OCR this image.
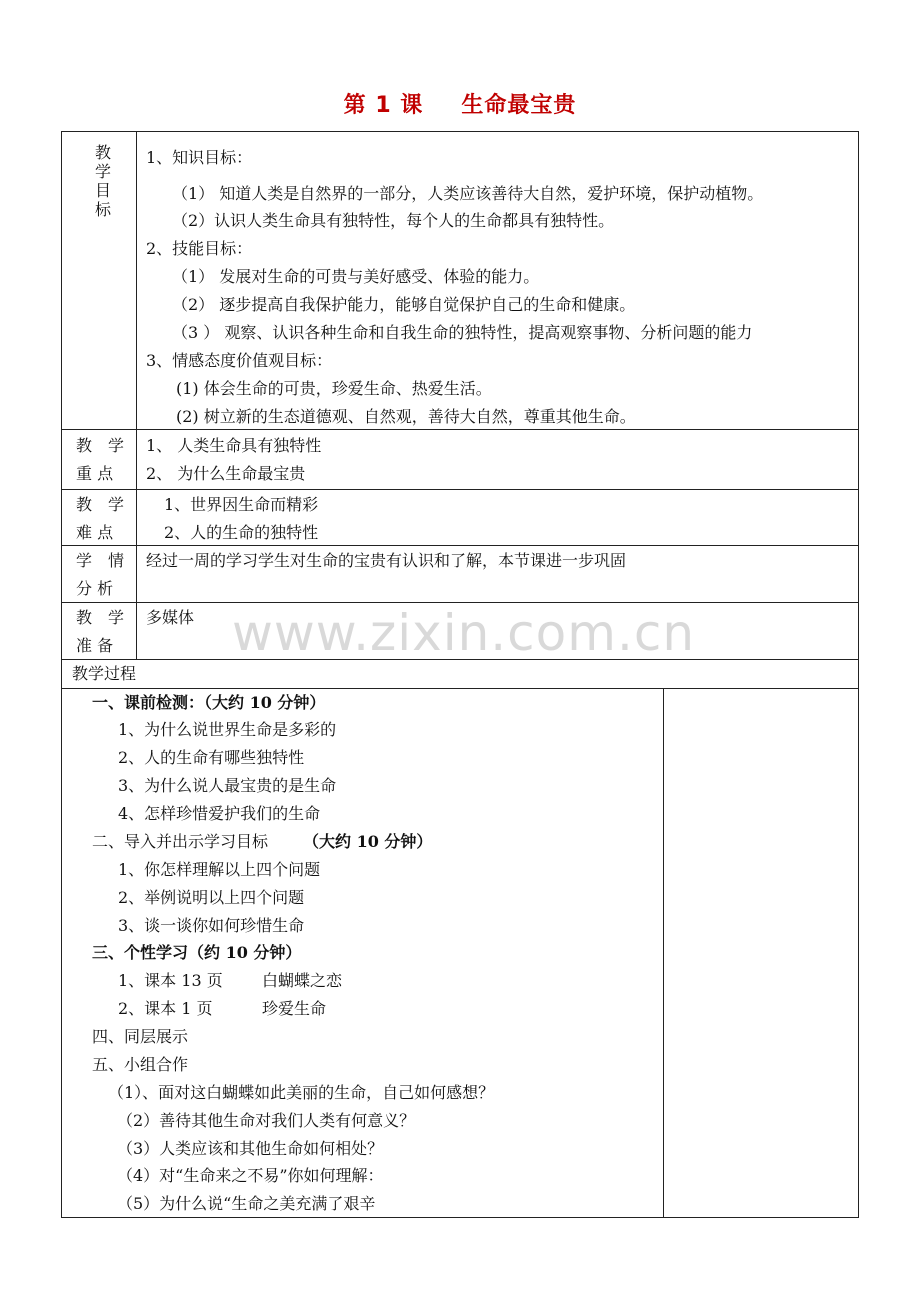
第 1 课 生命最宝贵
教
学
目
标
1、知识目标：
（1） 知道人类是自然界的一部分，人类应该善待大自然，爱护环境，保护动植物。
（2）认识人类生命具有独特性，每个人的生命都具有独特性。
2、技能目标：
（1） 发展对生命的可贵与美好感受、体验的能力。
（2） 逐步提高自我保护能力，能够自觉保护自己的生命和健康。
（3 ） 观察、认识各种生命和自我生命的独特性，提高观察事物、分析问题的能力
3、情感态度价值观目标：
(1) 体会生命的可贵，珍爱生命、热爱生活。
(2) 树立新的生态道德观、自然观，善待大自然，尊重其他生命。
教　学
重 点
1、 人类生命具有独特性
2、 为什么生命最宝贵
教　学
难 点
1、世界因生命而精彩
2、人的生命的独特性
学　情
分 析
经过一周的学习学生对生命的宝贵有认识和了解，本节课进一步巩固
教　学
准 备
多媒体 www.zixin.com.cn
教学过程
一、课前检测：（大约 10 分钟）
1、为什么说世界生命是多彩的
2、人的生命有哪些独特性
3、为什么说人最宝贵的是生命
4、怎样珍惜爱护我们的生命
二、导入并出示学习目标 （大约 10 分钟）
1、你怎样理解以上四个问题
2、举例说明以上四个问题
3、谈一谈你如何珍惜生命
三、个性学习（约 10 分钟）
1、课本 13 页 白蝴蝶之恋
2、课本 1 页	珍爱生命
四、同层展示
五、小组合作
（1）、面对这白蝴蝶如此美丽的生命，自己如何感想？
（2）善待其他生命对我们人类有何意义？
（3）人类应该和其他生命如何相处？
（4）对“生命来之不易”你如何理解：
（5）为什么说“生命之美充满了艰辛
